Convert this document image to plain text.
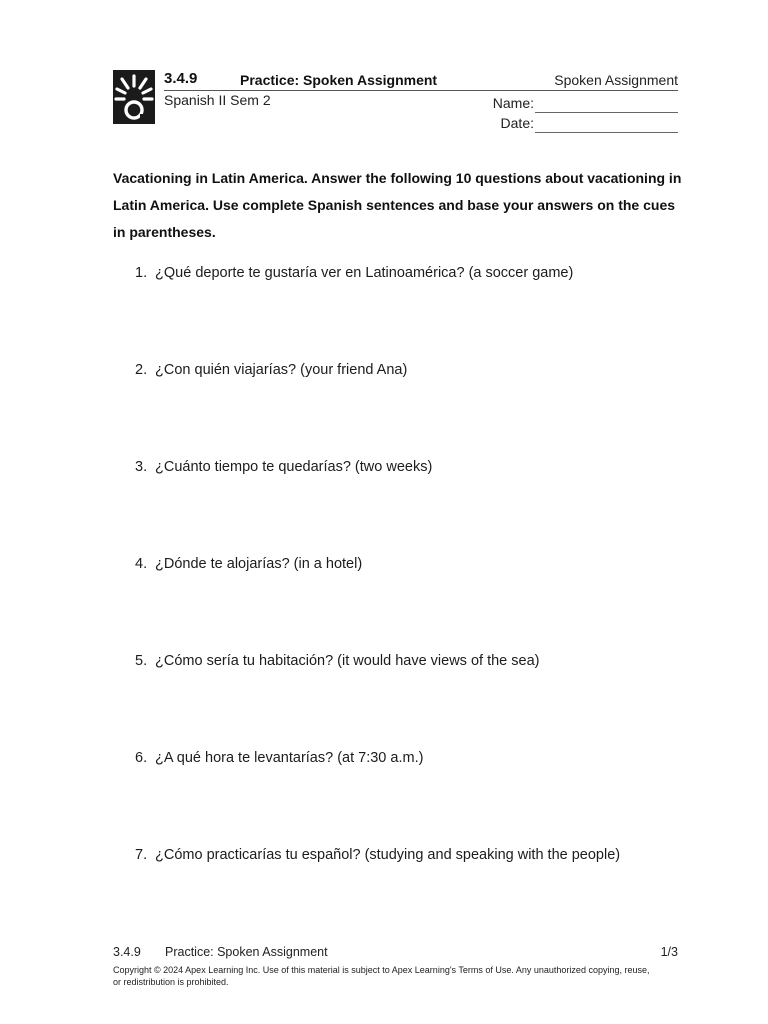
3.4.9	Practice: Spoken Assignment	Spoken Assignment
Spanish II Sem 2	Name:
Date:
Vacationing in Latin America. Answer the following 10 questions about vacationing in Latin America. Use complete Spanish sentences and base your answers on the cues in parentheses.
1. ¿Qué deporte te gustaría ver en Latinoamérica? (a soccer game)
2. ¿Con quién viajarías? (your friend Ana)
3. ¿Cuánto tiempo te quedarías? (two weeks)
4. ¿Dónde te alojarías? (in a hotel)
5. ¿Cómo sería tu habitación? (it would have views of the sea)
6. ¿A qué hora te levantarías? (at 7:30 a.m.)
7. ¿Cómo practicarías tu español? (studying and speaking with the people)
3.4.9 Practice: Spoken Assignment	1/3
Copyright © 2024 Apex Learning Inc. Use of this material is subject to Apex Learning's Terms of Use. Any unauthorized copying, reuse, or redistribution is prohibited.
